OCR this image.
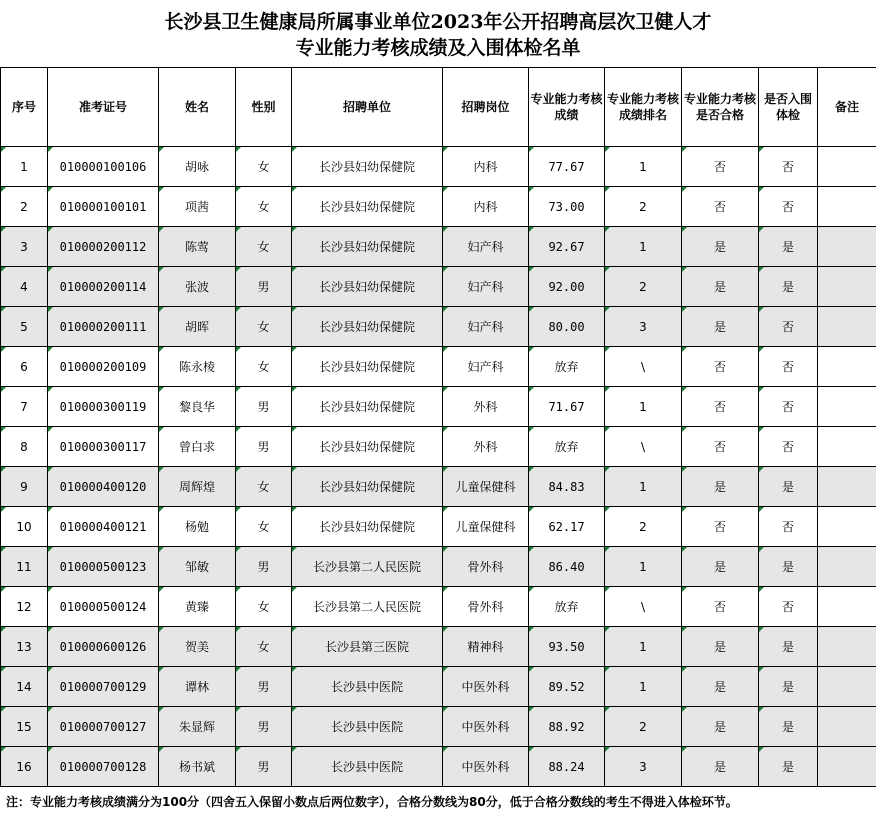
长沙县卫生健康局所属事业单位2023年公开招聘高层次卫健人才
专业能力考核成绩及入围体检名单
序号	准考证号	姓名	性别	招聘单位	招聘岗位	专业能力考核成绩	专业能力考核成绩排名	专业能力考核是否合格	是否入围体检	备注
1	010000100106	胡咏	女	长沙县妇幼保健院	内科	77.67	1	否	否	
2	010000100101	项茜	女	长沙县妇幼保健院	内科	73.00	2	否	否	
3	010000200112	陈莺	女	长沙县妇幼保健院	妇产科	92.67	1	是	是	
4	010000200114	张波	男	长沙县妇幼保健院	妇产科	92.00	2	是	是	
5	010000200111	胡晖	女	长沙县妇幼保健院	妇产科	80.00	3	是	否	
6	010000200109	陈永棱	女	长沙县妇幼保健院	妇产科	放弃	\	否	否	
7	010000300119	黎良华	男	长沙县妇幼保健院	外科	71.67	1	否	否	
8	010000300117	曾白求	男	长沙县妇幼保健院	外科	放弃	\	否	否	
9	010000400120	周辉煌	女	长沙县妇幼保健院	儿童保健科	84.83	1	是	是	
10	010000400121	杨勉	女	长沙县妇幼保健院	儿童保健科	62.17	2	否	否	
11	010000500123	邹敏	男	长沙县第二人民医院	骨外科	86.40	1	是	是	
12	010000500124	黄臻	女	长沙县第二人民医院	骨外科	放弃	\	否	否	
13	010000600126	贺美	女	长沙县第三医院	精神科	93.50	1	是	是	
14	010000700129	谭林	男	长沙县中医院	中医外科	89.52	1	是	是	
15	010000700127	朱显辉	男	长沙县中医院	中医外科	88.92	2	是	是	
16	010000700128	杨书斌	男	长沙县中医院	中医外科	88.24	3	是	是	
注：专业能力考核成绩满分为100分（四舍五入保留小数点后两位数字），合格分数线为80分，低于合格分数线的考生不得进入体检环节。
